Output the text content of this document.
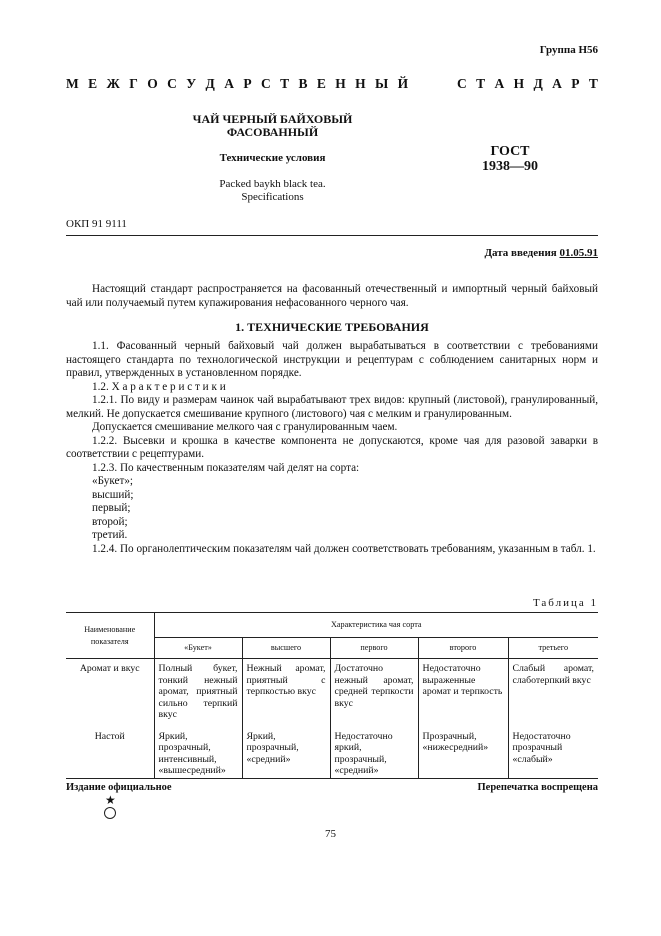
Группа Н56
М Е Ж Г О С У Д А Р С Т В Е Н Н Ы Й	С Т А Н Д А Р Т
ЧАЙ ЧЕРНЫЙ БАЙХОВЫЙ
ФАСОВАННЫЙ
Технические условия
Packed baykh black tea.
Specifications
ГОСТ
1938—90
ОКП 91 9111
Дата введения 01.05.91

Настоящий стандарт распространяется на фасованный отечественный и импортный черный байховый чай или получаемый путем купажирования нефасованного черного чая.

1. ТЕХНИЧЕСКИЕ ТРЕБОВАНИЯ

1.1. Фасованный черный байховый чай должен вырабатываться в соответствии с требованиями настоящего стандарта по технологической инструкции и рецептурам с соблюдением санитарных норм и правил, утвержденных в установленном порядке.

1.2. Х а р а к т е р и с т и к и

1.2.1. По виду и размерам чаинок чай вырабатывают трех видов: крупный (листовой), гранулированный, мелкий. Не допускается смешивание крупного (листового) чая с мелким и гранулированным.

Допускается смешивание мелкого чая с гранулированным чаем.

1.2.2. Высевки и крошка в качестве компонента не допускаются, кроме чая для разовой заварки в соответствии с рецептурами.

1.2.3. По качественным показателям чай делят на сорта:

«Букет»;

высший;

первый;

второй;

третий.

1.2.4. По органолептическим показателям чай должен соответствовать требованиям, указанным в табл. 1.

Таблица 1
Наименование показателя	Характеристика чая сорта				
	«Букет»	высшего	первого	второго	третьего
Аромат и вкус	Полный букет, тонкий нежный аромат, приятный сильно терпкий вкус	Нежный аромат, приятный с терпкостью вкус	Достаточно нежный аромат, средней терпкости вкус	Недостаточно выраженные аромат и терпкость	Слабый аромат, слаботерпкий вкус
Настой	Яркий, прозрачный, интенсивный, «вышесредний»	Яркий, прозрачный, «средний»	Недостаточно яркий, прозрачный, «средний»	Прозрачный, «нижесредний»	Недостаточно прозрачный «слабый»
Издание официальное	Перепечатка воспрещена
★
75
